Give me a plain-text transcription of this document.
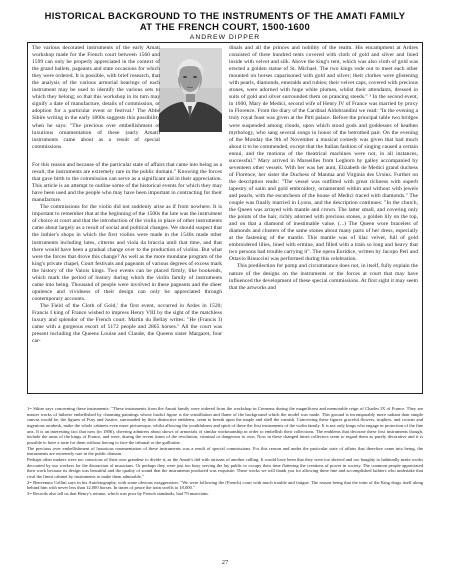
HISTORICAL BACKGROUND TO THE INSTRUMENTS OF THE AMATI FAMILY
AT THE FRENCH COURT, 1500-1600
ANDREW DIPPER

The various decorated instruments of the early Amati workshop made for the French court between 1560 and 1599 can only be properly appreciated in the context of the grand ballets, pageants and state occasions for which they were ordered. It is possible, with brief research, that the analysis of the various armorial bearings of each instrument may be used to identify the various sets to which they belong; so that this workshop in its turn may signify a date of manufacture, details of commission, or adoption for a particular event or festival.¹ The Abbé Sibire writing in the early 1800s suggests this possibility when he says: "The precious over embellishment of luxurious ornamentation of these (early Amati) instruments came about as a result of special commissions.

For this reason and because of the particular state of affairs that came into being as a result, the instruments are extremely rare in the public domain." Knowing the forces that gave birth to the commission can serve as a significant aid in their appreciation. This article is an attempt to outline some of the historical events for which they may have been used and the people who may have been important in contracting for their manufacture.

The commissions for the violin did not suddenly arise as if from nowhere. It is important to remember that at the beginning of the 1500s the lute was the instrument of choice at court and that the introduction of the violin in place of other instruments came about largely as a result of social and political changes. We should suspect that the luthier's shops in which the first violins were made in the 1540s made other instruments including lutes, citterns and viola da braccia until that time, and that there would have been a gradual change over to the production of violins. But what were the forces that drove this change? As well as the more mundane program of the king's private chapel, Court festivals and pageants of various degrees of excess mark the history of the Valois kings. Two events can be placed firmly, like bookends, which mark the period of history during which the violin family of instruments came into being. Thousand of people were involved in these pageants and the sheer opulence and vividness of their design can only be appreciated through contemporary accounts.

The Field of the Cloth of Gold,' the first event, occurred in Ardes in 1520; Francis I king of France wished to impress Henry VIII by the sight of the matchless luxury and splendor of the French court. Martin du Bellay writes: "He (Francis I) came with a gorgeous escort of 5172 people and 2865 horses." All the court was present including the Queens Louise and Claude, the Queens sister Margaret, four car-

dinals and all the princes and nobility of the realm. His encampment at Ardres consisted of three hundred tents covered with cloth of gold and silver and lined inside with velvet and silk. Above the king's tent, which was also cloth of gold was erected a golden statue of St. Michael. The two kings rode out to meet each other mounted on horses caparisoned with gold and silver; their clothes were glistening with pearls, diamonds, emeralds and rubies; their velvet caps, covered with precious stones, were adorned with huge white plumes, whilst their attendants, dressed in suits of gold and silver surrounded them on prancing steeds." ³ In the second event, in 1600, Mary de Medici, second wife of Henry IV of France was married by proxy in Florence. From the diary of the Cardinal Aldobrandini we read: "In the evening a truly royal feast was given at the Pitti palace. Before the principal table two bridges were suspended among clouds, upon which stood gods and goddesses of heathen mythology, who sang several songs in honor of the betrothed pair. On the evening of the Monday the 9th of November a musical comedy was given that had much about it to be commended, except that the Italian fashion of singing caused a certain ennui, and the motions of the theatrical machines were not, in all instances, successful." Mary arrived in Marseilles from Leghorn by galley accompanied by seventeen other vessels. With her was her aunt, Elizabeth de Medici grand duchess of Florence, her sister the Duchess of Mantua and Virginia des Ursins. Further on the description reads: "The vessel was outfitted with great richness with superb tapestry of satin and gold embroidery, ornamented within and without with jewels and pearls, with the escutcheon of the house of Medici traced with diamonds." The couple was finally married in Lyons, and the description continues: "In the church, the Queen was arrayed with mantle and crown. The latter small, and covering only the points of the hair, richly adorned with precious stones, a golden lily on the top, and on that a diamond of inestimable value. (...) The Queen wore bracelets of diamonds and clusters of the same stones about many parts of her dress, especially at the fastening of the mantle. This mantle was of lilac velvet, full of gold embroidered lilies, lined with ermine, and filled with a train so long and heavy that two persons had trouble carrying it". The opera Euridice, written by Jacopo Peri and Ottavio Rinuccini was performed during this celebration.

This predilection for pomp and circumstance does not, in itself, fully explain the nature of the designs on the instruments or the forces at court that may have influenced the development of these special commissions. At first sight it may seem that the artworks and

1= Sibire says concerning these instruments: "These instruments from the Amati family were ordered from the workshop in Cremona during the magnificent and memorable reign of Charles IX of France. They are master works of lutherie embellished by charming paintings whose lustful figure is the scintillation and flame of the background which the model was made. This ground is incomparably more radiant than simple canvas would be, the figures of Fury and Justice, surrounded by their distinctive emblems, seem to breath upon the maple and shell the varnish. Conceiving these figures graceful flowers, trophies, and crowns and ingenious arrabesk, make the whole cabinets even more picturesque, whilst allowing the youthfulness and spirit of these the first instruments of the violin family. It is not only kings who engage in protection of the fine arts. It is an interesting fact that now (in 1806), cheering admirers about shows of armorials of similar workmanship in order to embellish their collections. The emblems that decorate these first instruments though, include the arms of the kings of France, and were, during the recent times of the revolution, criminal or dangerous to own. Now in these changed times collectors seem to regard them as purely decorative and it is possible to have a taste for them without having to face the tribunal or the guillotine.

The precious over embellishment of luxurious ornamentation of these instruments was a result of special commissions. For this reason and under the particular state of affairs that therefore came into being, the instruments are extremely rare in the public domain.

Perhaps other makers were too conscious of their own grandeur to divide it, as the Amati's did with artisans of another calling. It would have been that they were too shrewd and too haughty to habitually make works decorated by our workers for the distraction of musicians. Or perhaps they were just too busy serving the lay public to occupy their time flattering the creations of power in society. The common people appreciated their work because its design was beautiful and the quality of sound that the instruments produced was exquisite. These works we will thank you for allowing these fine and accomplished luthiers who undertake that rival the finest cabinet by instruments to make them admirable."

2= Benvenuto Cellini says in his Autobiography, with some obvious exaggeration: "We were following the (French) court with much trouble and fatigue. The reason being that the train of the King drags itself along behind him with never less than 12,000 horses. In times of peace the train swells to 18,000."

3= Records also tell us that Henry's retinue, which was poor by French standards, had 79 musicians.

27
